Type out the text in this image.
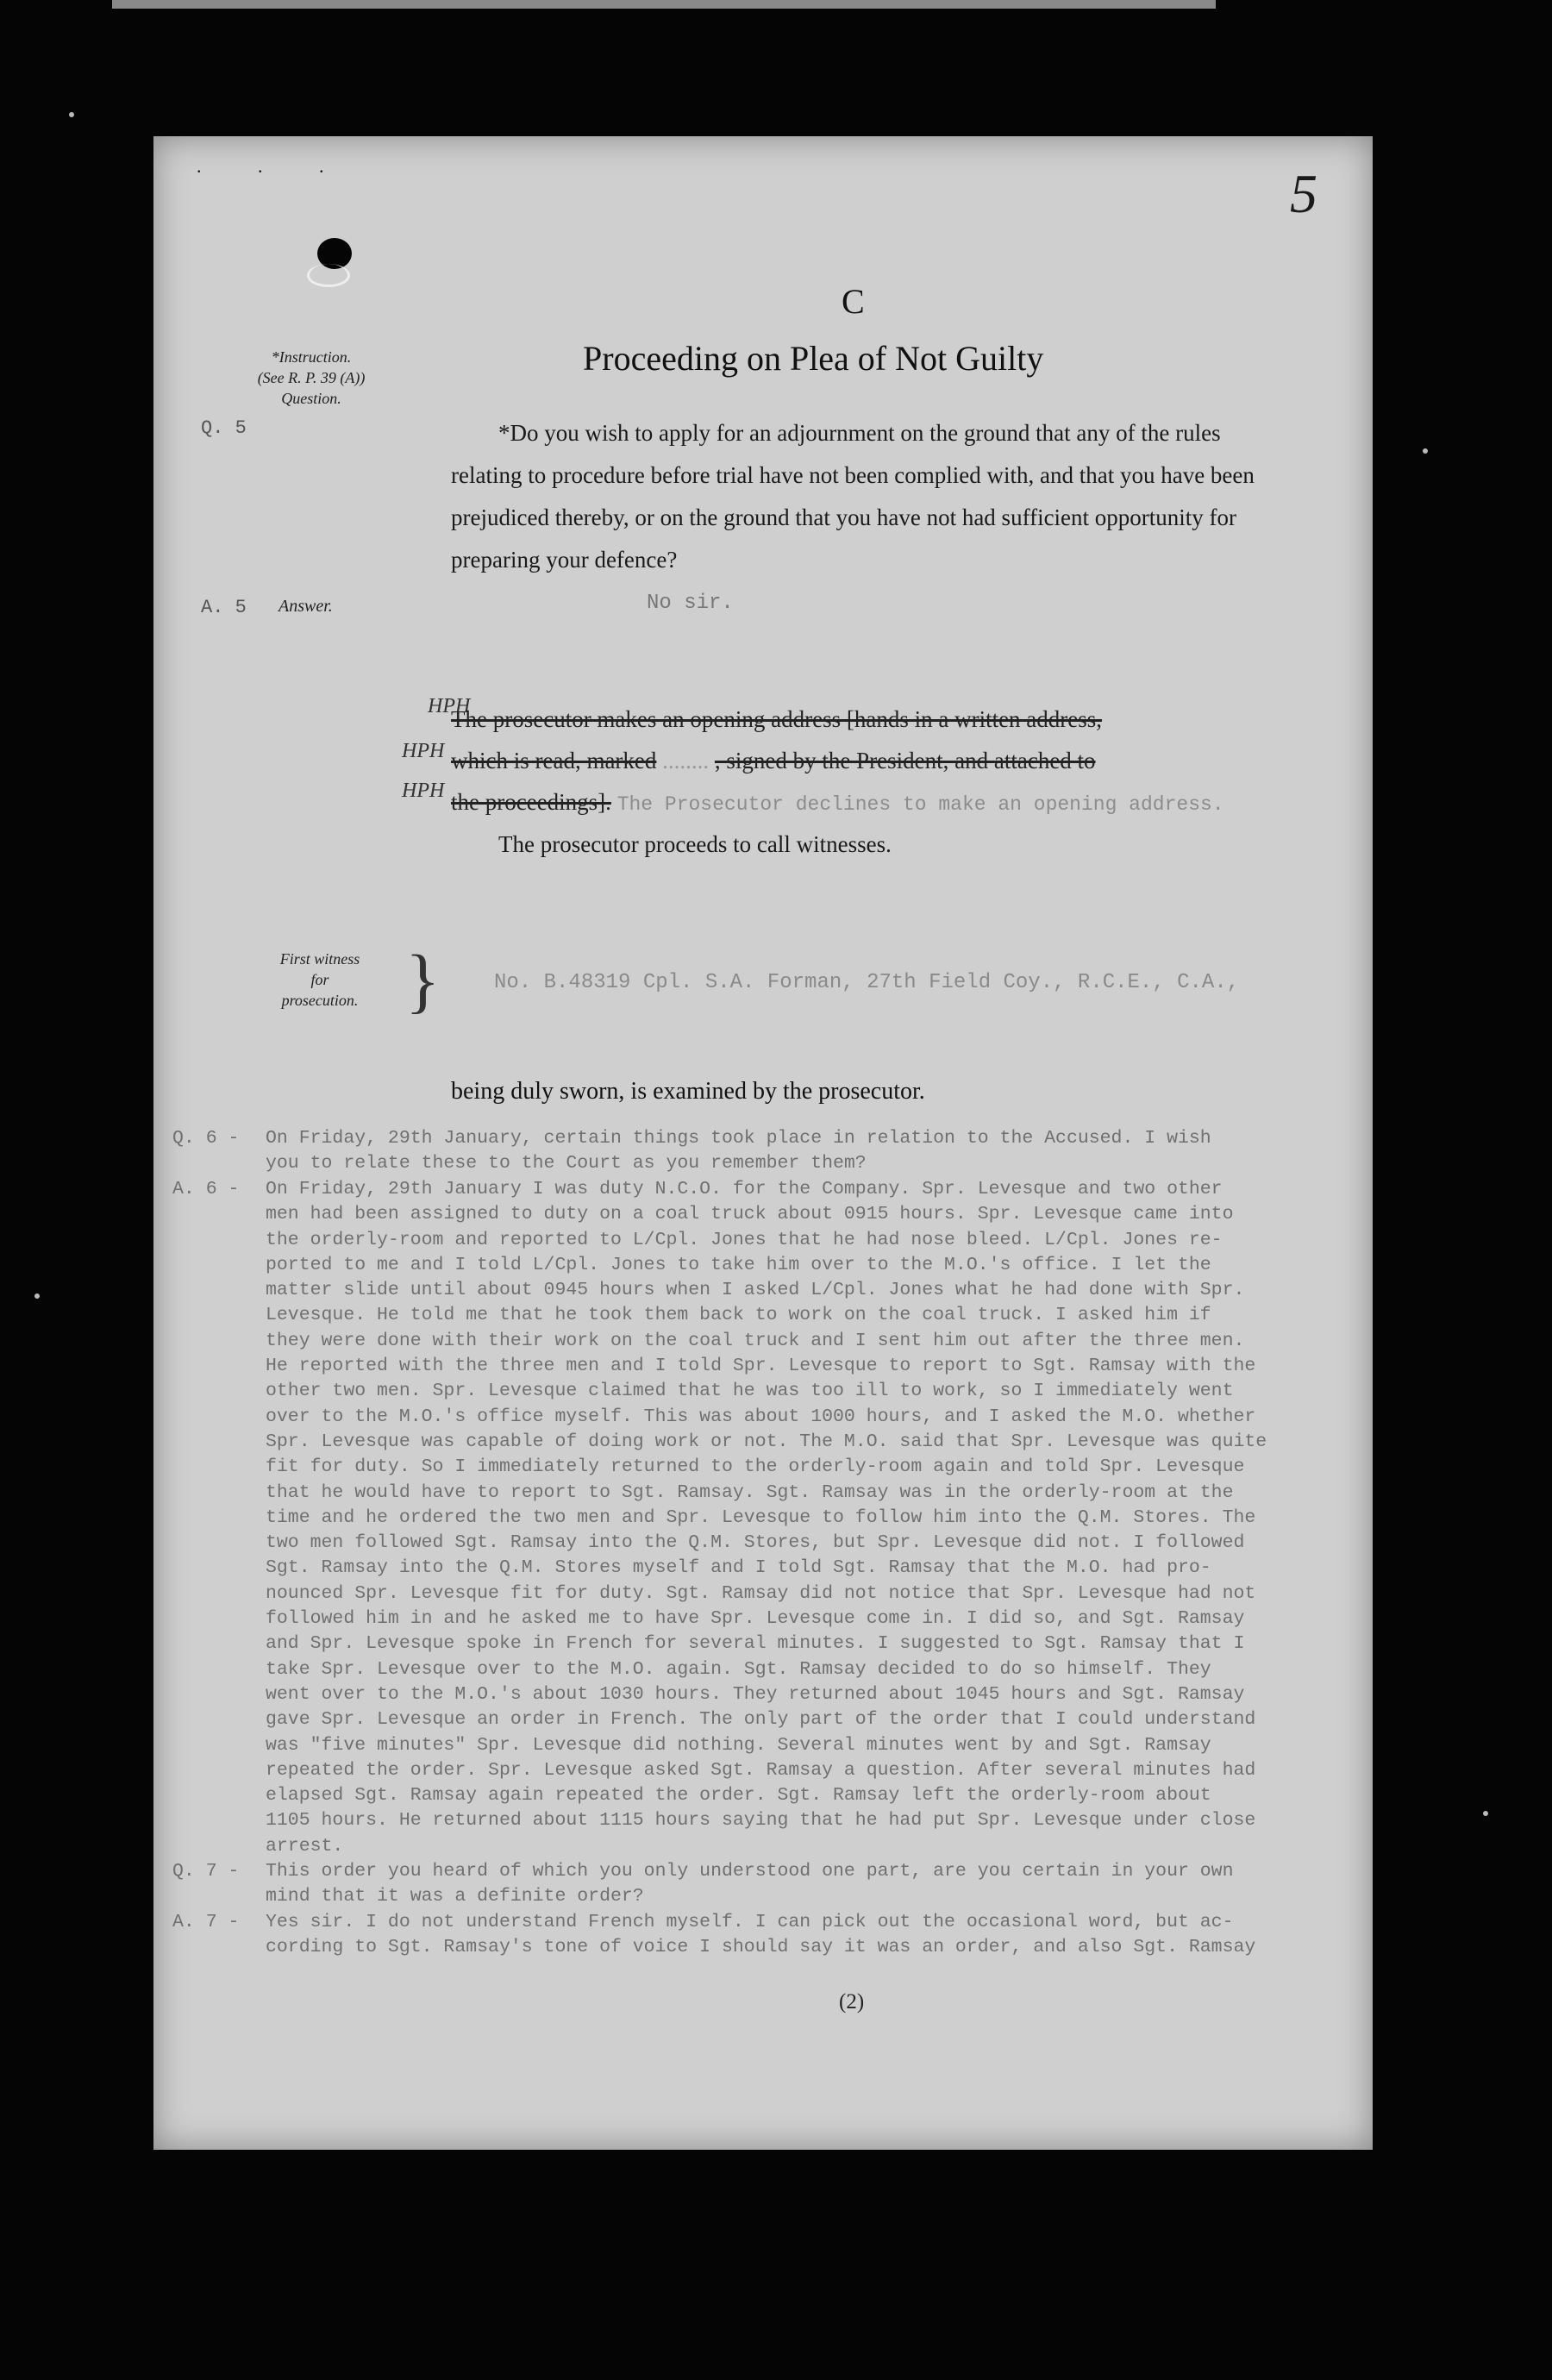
. . .	5
C
Proceeding on Plea of Not Guilty
*Instruction.
(See R. P. 39 (A))
Question.
Q. 5	*Do you wish to apply for an adjournment on the ground that any of the rules relating to procedure before trial have not been complied with, and that you have been prejudiced thereby, or on the ground that you have not had sufficient opportunity for preparing your defence?
A. 5 Answer.	No sir.
HPH
HPH
HPH
The prosecutor makes an opening address [hands in a written address,
which is read, marked ........ , signed by the President, and attached to
the proceedings]. The Prosecutor declines to make an opening address.
The prosecutor proceeds to call witnesses.
First witness
for
prosecution. }	No. B.48319 Cpl. S.A. Forman, 27th Field Coy., R.C.E., C.A.,
being duly sworn, is examined by the prosecutor.
Q. 6 -	On Friday, 29th January, certain things took place in relation to the Accused. I wish
you to relate these to the Court as you remember them?
A. 6 -	On Friday, 29th January I was duty N.C.O. for the Company. Spr. Levesque and two other
men had been assigned to duty on a coal truck about 0915 hours. Spr. Levesque came into
the orderly-room and reported to L/Cpl. Jones that he had nose bleed. L/Cpl. Jones re-
ported to me and I told L/Cpl. Jones to take him over to the M.O.'s office. I let the
matter slide until about 0945 hours when I asked L/Cpl. Jones what he had done with Spr.
Levesque. He told me that he took them back to work on the coal truck. I asked him if
they were done with their work on the coal truck and I sent him out after the three men.
He reported with the three men and I told Spr. Levesque to report to Sgt. Ramsay with the
other two men. Spr. Levesque claimed that he was too ill to work, so I immediately went
over to the M.O.'s office myself. This was about 1000 hours, and I asked the M.O. whether
Spr. Levesque was capable of doing work or not. The M.O. said that Spr. Levesque was quite
fit for duty. So I immediately returned to the orderly-room again and told Spr. Levesque
that he would have to report to Sgt. Ramsay. Sgt. Ramsay was in the orderly-room at the
time and he ordered the two men and Spr. Levesque to follow him into the Q.M. Stores. The
two men followed Sgt. Ramsay into the Q.M. Stores, but Spr. Levesque did not. I followed
Sgt. Ramsay into the Q.M. Stores myself and I told Sgt. Ramsay that the M.O. had pro-
nounced Spr. Levesque fit for duty. Sgt. Ramsay did not notice that Spr. Levesque had not
followed him in and he asked me to have Spr. Levesque come in. I did so, and Sgt. Ramsay
and Spr. Levesque spoke in French for several minutes. I suggested to Sgt. Ramsay that I
take Spr. Levesque over to the M.O. again. Sgt. Ramsay decided to do so himself. They
went over to the M.O.'s about 1030 hours. They returned about 1045 hours and Sgt. Ramsay
gave Spr. Levesque an order in French. The only part of the order that I could understand
was "five minutes" Spr. Levesque did nothing. Several minutes went by and Sgt. Ramsay
repeated the order. Spr. Levesque asked Sgt. Ramsay a question. After several minutes had
elapsed Sgt. Ramsay again repeated the order. Sgt. Ramsay left the orderly-room about
1105 hours. He returned about 1115 hours saying that he had put Spr. Levesque under close
arrest.
Q. 7 -	This order you heard of which you only understood one part, are you certain in your own
mind that it was a definite order?
A. 7 -	Yes sir. I do not understand French myself. I can pick out the occasional word, but ac-
cording to Sgt. Ramsay's tone of voice I should say it was an order, and also Sgt. Ramsay
(2)
